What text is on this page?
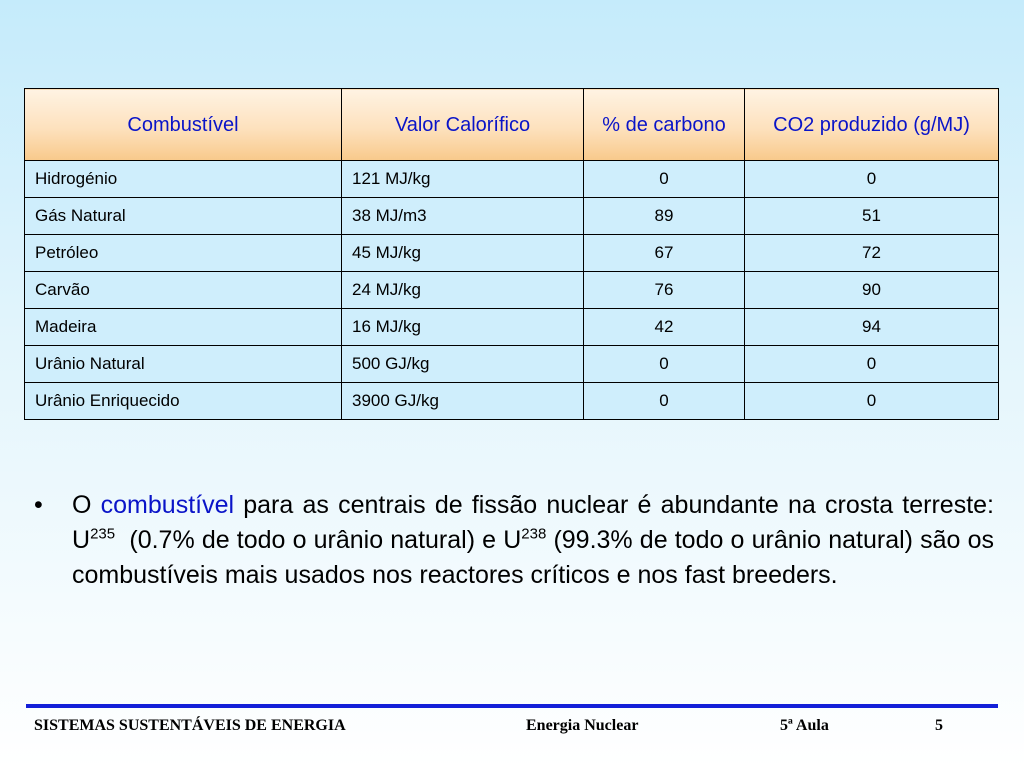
Combustível	Valor Calorífico	% de carbono	CO2 produzido (g/MJ)
Hidrogénio	121 MJ/kg	0	0
Gás Natural	38 MJ/m3	89	51
Petróleo	45 MJ/kg	67	72
Carvão	24 MJ/kg	76	90
Madeira	16 MJ/kg	42	94
Urânio Natural	500 GJ/kg	0	0
Urânio Enriquecido	3900 GJ/kg	0	0
• O combustível para as centrais de fissão nuclear é abundante na crosta terreste: $U^{235}$  (0.7% de todo o urânio natural) e $U^{238}$ (99.3% de todo o urânio natural) são os combustíveis mais usados nos reactores críticos e nos fast breeders.
SISTEMAS SUSTENTÁVEIS DE ENERGIA	Energia Nuclear	5ª Aula	5
